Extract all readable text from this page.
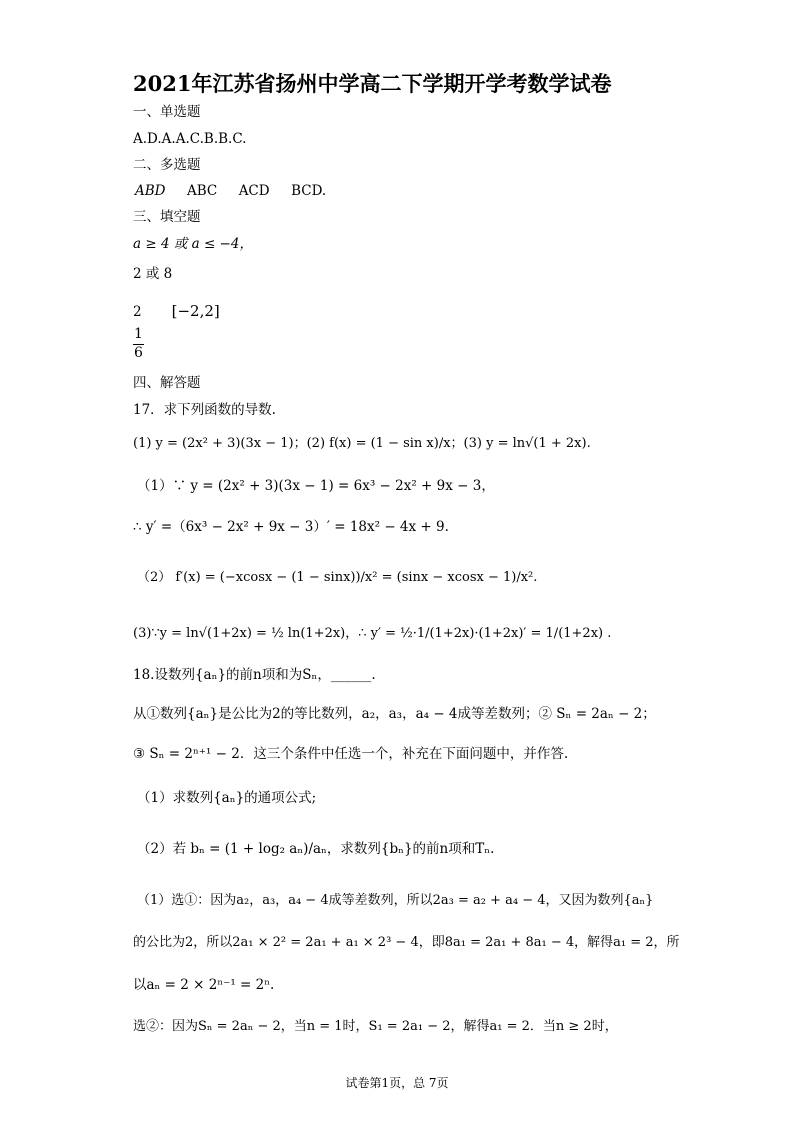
2021年江苏省扬州中学高二下学期开学考数学试卷
一、单选题
A.D.A.A.C.B.B.C.
二、多选题
ABD ABC ACD BCD.
三、填空题
a ≥ 4 或 a ≤ −4，
2 或 8
2 [−2,2]
$\frac{1}{6}$
四、解答题
17．求下列函数的导数.
(1) y = (2x² + 3)(3x − 1)；(2) f(x) = (1 − sin x)/x；(3) y = ln√(1 + 2x).
（1）∵ y = (2x² + 3)(3x − 1) = 6x³ − 2x² + 9x − 3，
∴ y′ =（6x³ − 2x² + 9x − 3）′ = 18x² − 4x + 9.
（2） f′(x) = (−xcosx − (1 − sinx))/x² = (sinx − xcosx − 1)/x².
(3)∵y = ln√(1+2x) = ½ ln(1+2x)，∴ y′ = ½·1/(1+2x)·(1+2x)′ = 1/(1+2x) .
18.设数列{aₙ}的前n项和为Sₙ，______.
从①数列{aₙ}是公比为2的等比数列，a₂，a₃，a₄ − 4成等差数列；② Sₙ = 2aₙ − 2；
③ Sₙ = 2ⁿ⁺¹ − 2．这三个条件中任选一个，补充在下面问题中，并作答.
（1）求数列{aₙ}的通项公式;
（2）若 bₙ = (1 + log₂ aₙ)/aₙ，求数列{bₙ}的前n项和Tₙ.
（1）选①：因为a₂，a₃，a₄ − 4成等差数列，所以2a₃ = a₂ + a₄ − 4，又因为数列{aₙ}
的公比为2，所以2a₁ × 2² = 2a₁ + a₁ × 2³ − 4，即8a₁ = 2a₁ + 8a₁ − 4，解得a₁ = 2，所
以aₙ = 2 × 2ⁿ⁻¹ = 2ⁿ.
选②：因为Sₙ = 2aₙ − 2，当n = 1时，S₁ = 2a₁ − 2，解得a₁ = 2．当n ≥ 2时，
试卷第1页，总 7页
